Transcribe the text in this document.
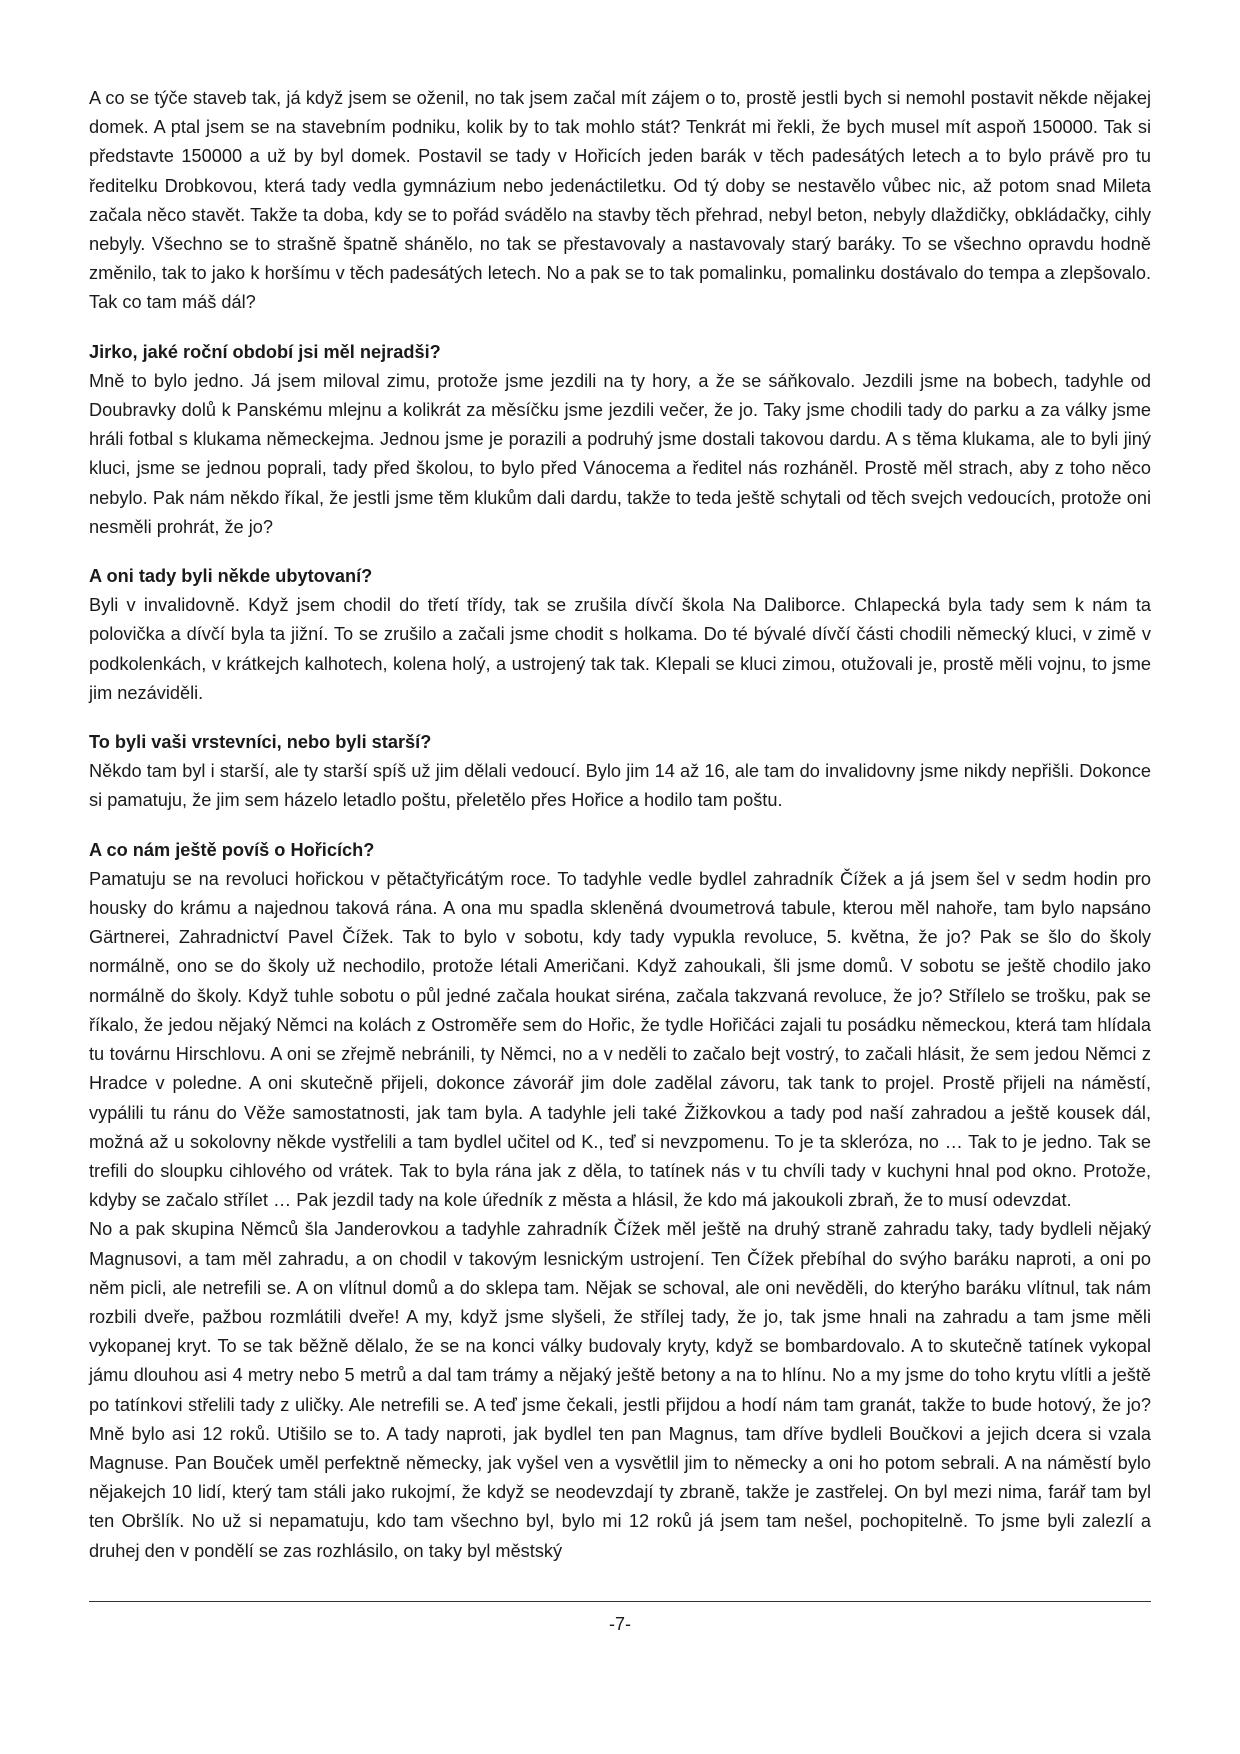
A co se týče staveb tak, já když jsem se oženil, no tak jsem začal mít zájem o to, prostě jestli bych si nemohl postavit někde nějakej domek. A ptal jsem se na stavebním podniku, kolik by to tak mohlo stát? Tenkrát mi řekli, že bych musel mít aspoň 150000. Tak si představte 150000 a už by byl domek. Postavil se tady v Hořicích jeden barák v těch padesátých letech a to bylo právě pro tu ředitelku Drobkovou, která tady vedla gymnázium nebo jedenáctiletku. Od tý doby se nestavělo vůbec nic, až potom snad Mileta začala něco stavět. Takže ta doba, kdy se to pořád svádělo na stavby těch přehrad, nebyl beton, nebyly dlaždičky, obkládačky, cihly nebyly. Všechno se to strašně špatně shánělo, no tak se přestavovaly a nastavovaly starý baráky. To se všechno opravdu hodně změnilo, tak to jako k horšímu v těch padesátých letech. No a pak se to tak pomalinku, pomalinku dostávalo do tempa a zlepšovalo. Tak co tam máš dál?

Jirko, jaké roční období jsi měl nejradši?

Mně to bylo jedno. Já jsem miloval zimu, protože jsme jezdili na ty hory, a že se sáňkovalo. Jezdili jsme na bobech, tadyhle od Doubravky dolů k Panskému mlejnu a kolikrát za měsíčku jsme jezdili večer, že jo. Taky jsme chodili tady do parku a za války jsme hráli fotbal s klukama německejma. Jednou jsme je porazili a podruhý jsme dostali takovou dardu. A s těma klukama, ale to byli jiný kluci, jsme se jednou poprali, tady před školou, to bylo před Vánocema a ředitel nás rozháněl. Prostě měl strach, aby z toho něco nebylo. Pak nám někdo říkal, že jestli jsme těm klukům dali dardu, takže to teda ještě schytali od těch svejch vedoucích, protože oni nesměli prohrát, že jo?

A oni tady byli někde ubytovaní?

Byli v invalidovně. Když jsem chodil do třetí třídy, tak se zrušila dívčí škola Na Daliborce. Chlapecká byla tady sem k nám ta polovička a dívčí byla ta jižní. To se zrušilo a začali jsme chodit s holkama. Do té bývalé dívčí části chodili německý kluci, v zimě v podkolenkách, v krátkejch kalhotech, kolena holý, a ustrojený tak tak. Klepali se kluci zimou, otužovali je, prostě měli vojnu, to jsme jim nezáviděli.

To byli vaši vrstevníci, nebo byli starší?

Někdo tam byl i starší, ale ty starší spíš už jim dělali vedoucí. Bylo jim 14 až 16, ale tam do invalidovny jsme nikdy nepřišli. Dokonce si pamatuju, že jim sem házelo letadlo poštu, přeletělo přes Hořice a hodilo tam poštu.

A co nám ještě povíš o Hořicích?

Pamatuju se na revoluci hořickou v pětačtyřicátým roce. To tadyhle vedle bydlel zahradník Čížek a já jsem šel v sedm hodin pro housky do krámu a najednou taková rána. A ona mu spadla skleněná dvoumetrová tabule, kterou měl nahoře, tam bylo napsáno Gärtnerei, Zahradnictví Pavel Čížek. Tak to bylo v sobotu, kdy tady vypukla revoluce, 5. května, že jo? Pak se šlo do školy normálně, ono se do školy už nechodilo, protože létali Američani. Když zahoukali, šli jsme domů. V sobotu se ještě chodilo jako normálně do školy. Když tuhle sobotu o půl jedné začala houkat siréna, začala takzvaná revoluce, že jo? Střílelo se trošku, pak se říkalo, že jedou nějaký Němci na kolách z Ostroměře sem do Hořic, že tydle Hořičáci zajali tu posádku německou, která tam hlídala tu továrnu Hirschlovu. A oni se zřejmě nebránili, ty Němci, no a v neděli to začalo bejt vostrý, to začali hlásit, že sem jedou Němci z Hradce v poledne. A oni skutečně přijeli, dokonce závorář jim dole zadělal závoru, tak tank to projel. Prostě přijeli na náměstí, vypálili tu ránu do Věže samostatnosti, jak tam byla. A tadyhle jeli také Žižkovkou a tady pod naší zahradou a ještě kousek dál, možná až u sokolovny někde vystřelili a tam bydlel učitel od K., teď si nevzpomenu. To je ta skleróza, no … Tak to je jedno. Tak se trefili do sloupku cihlového od vrátek. Tak to byla rána jak z děla, to tatínek nás v tu chvíli tady v kuchyni hnal pod okno. Protože, kdyby se začalo střílet … Pak jezdil tady na kole úředník z města a hlásil, že kdo má jakoukoli zbraň, že to musí odevzdat.

No a pak skupina Němců šla Janderovkou a tadyhle zahradník Čížek měl ještě na druhý straně zahradu taky, tady bydleli nějaký Magnusovi, a tam měl zahradu, a on chodil v takovým lesnickým ustrojení. Ten Čížek přebíhal do svýho baráku naproti, a oni po něm picli, ale netrefili se. A on vlítnul domů a do sklepa tam. Nějak se schoval, ale oni nevěděli, do kterýho baráku vlítnul, tak nám rozbili dveře, pažbou rozmlátili dveře! A my, když jsme slyšeli, že střílej tady, že jo, tak jsme hnali na zahradu a tam jsme měli vykopanej kryt. To se tak běžně dělalo, že se na konci války budovaly kryty, když se bombardovalo. A to skutečně tatínek vykopal jámu dlouhou asi 4 metry nebo 5 metrů a dal tam trámy a nějaký ještě betony a na to hlínu. No a my jsme do toho krytu vlítli a ještě po tatínkovi střelili tady z uličky. Ale netrefili se. A teď jsme čekali, jestli přijdou a hodí nám tam granát, takže to bude hotový, že jo? Mně bylo asi 12 roků. Utišilo se to. A tady naproti, jak bydlel ten pan Magnus, tam dříve bydleli Boučkovi a jejich dcera si vzala Magnuse. Pan Bouček uměl perfektně německy, jak vyšel ven a vysvětlil jim to německy a oni ho potom sebrali. A na náměstí bylo nějakejch 10 lidí, který tam stáli jako rukojmí, že když se neodevzdají ty zbraně, takže je zastřelej. On byl mezi nima, farář tam byl ten Obršlík. No už si nepamatuju, kdo tam všechno byl, bylo mi 12 roků já jsem tam nešel, pochopitelně. To jsme byli zalezlí a druhej den v pondělí se zas rozhlásilo, on taky byl městský

-7-
